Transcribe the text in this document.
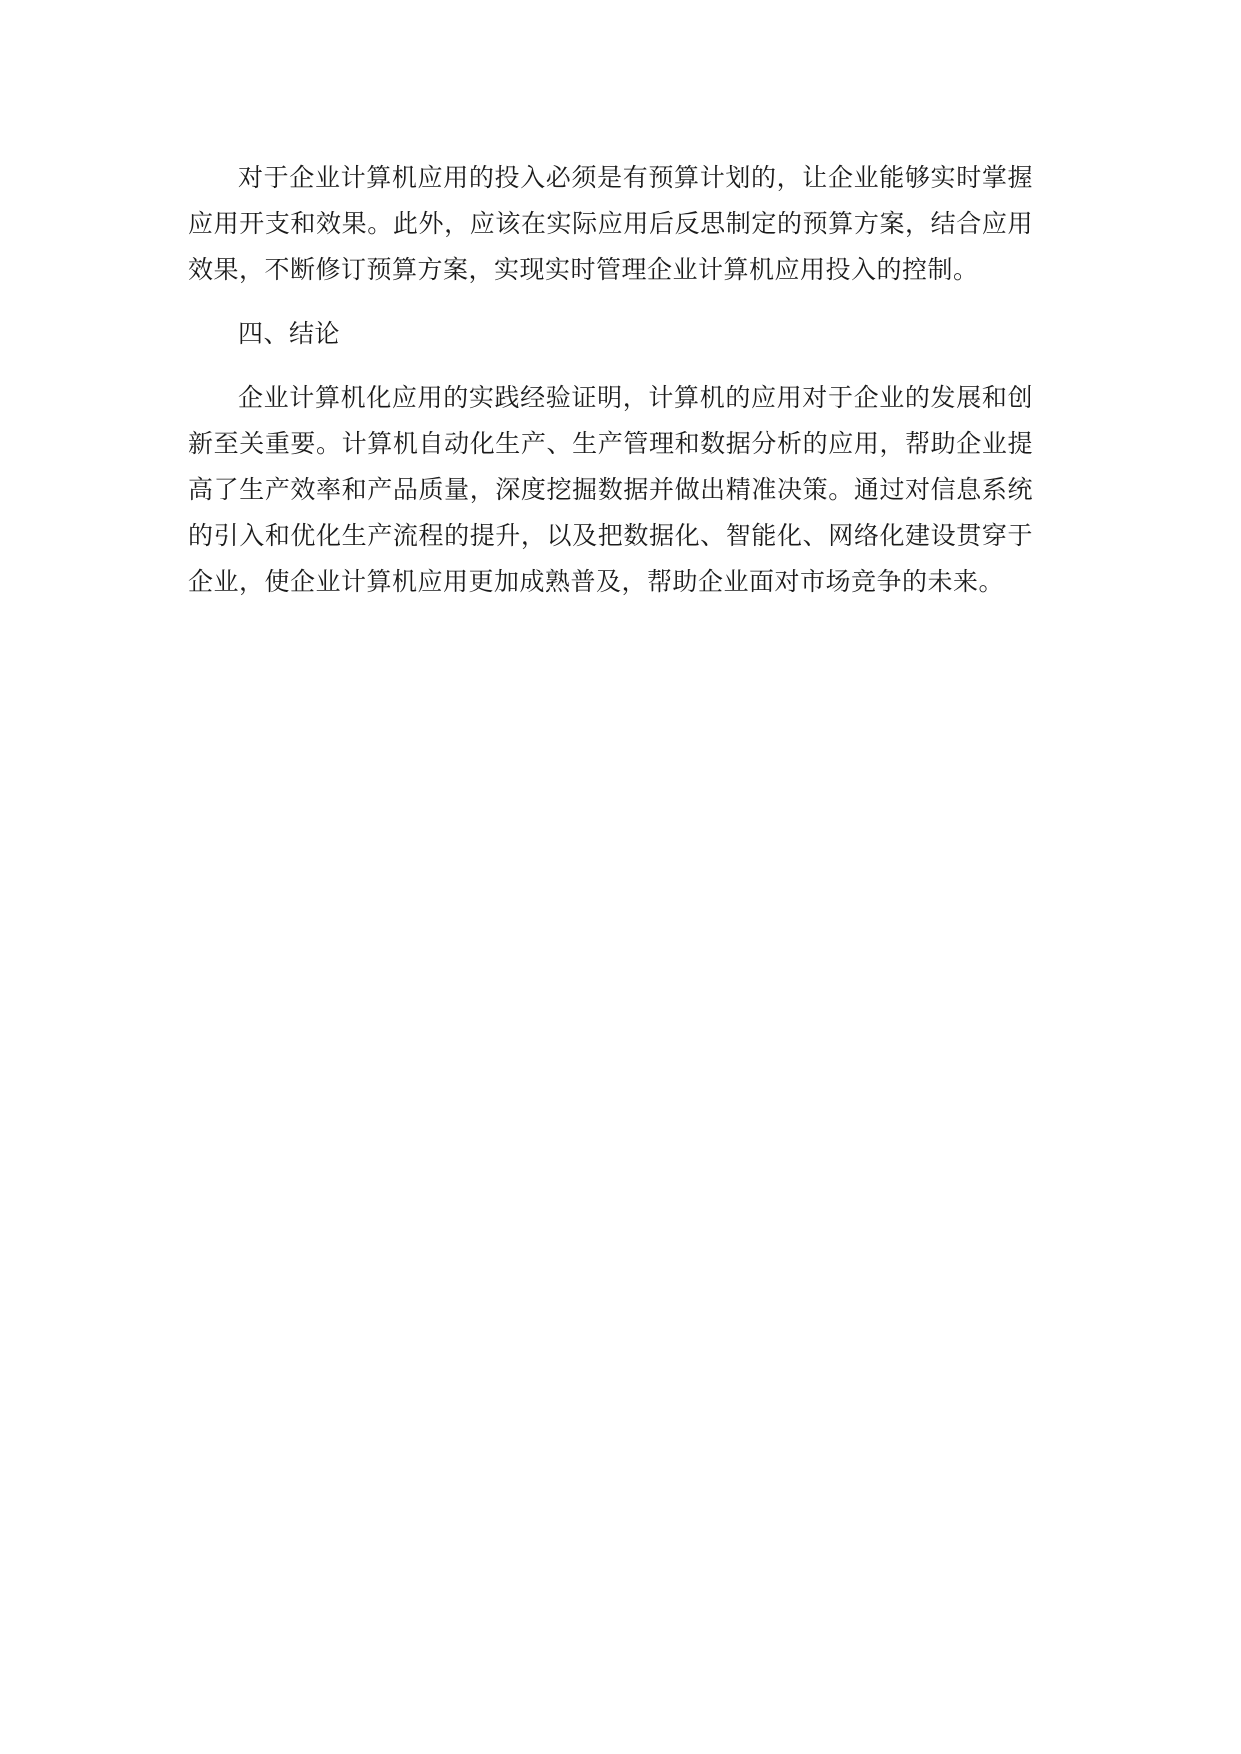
对于企业计算机应用的投入必须是有预算计划的，让企业能够实时掌握应用开支和效果。此外，应该在实际应用后反思制定的预算方案，结合应用效果，不断修订预算方案，实现实时管理企业计算机应用投入的控制。

四、结论

企业计算机化应用的实践经验证明，计算机的应用对于企业的发展和创新至关重要。计算机自动化生产、生产管理和数据分析的应用，帮助企业提高了生产效率和产品质量，深度挖掘数据并做出精准决策。通过对信息系统的引入和优化生产流程的提升，以及把数据化、智能化、网络化建设贯穿于企业，使企业计算机应用更加成熟普及，帮助企业面对市场竞争的未来。
